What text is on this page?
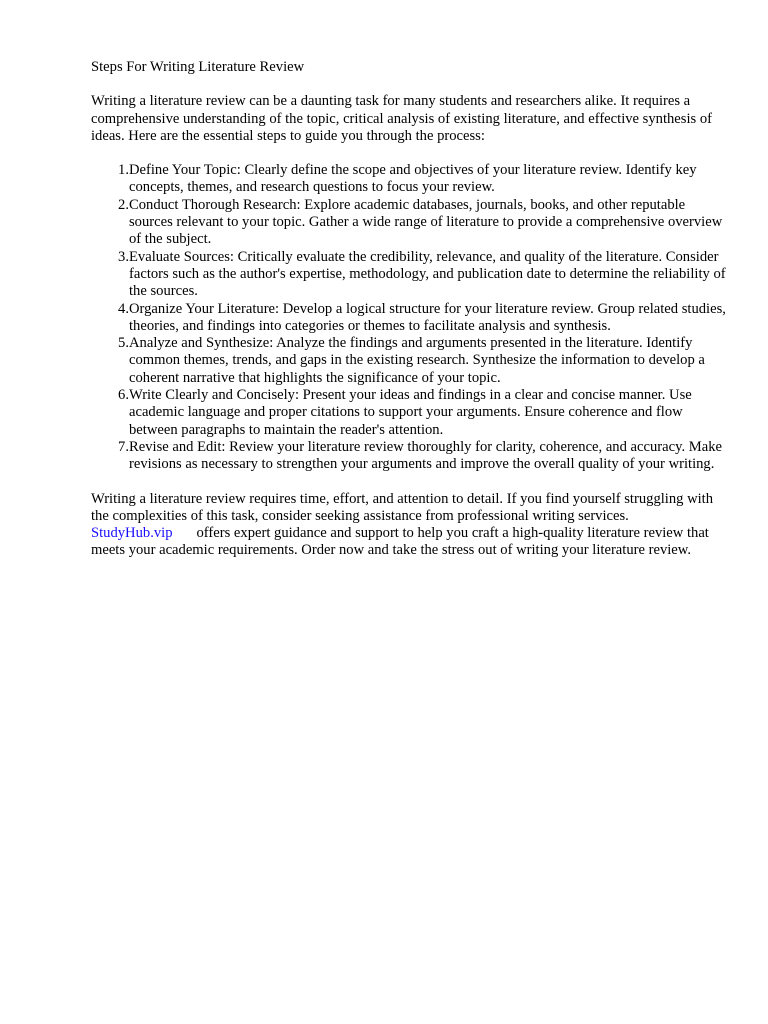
Steps For Writing Literature Review

Writing a literature review can be a daunting task for many students and researchers alike. It requires a comprehensive understanding of the topic, critical analysis of existing literature, and effective synthesis of ideas. Here are the essential steps to guide you through the process:

1. Define Your Topic: Clearly define the scope and objectives of your literature review. Identify key concepts, themes, and research questions to focus your review.
2. Conduct Thorough Research: Explore academic databases, journals, books, and other reputable sources relevant to your topic. Gather a wide range of literature to provide a comprehensive overview of the subject.
3. Evaluate Sources: Critically evaluate the credibility, relevance, and quality of the literature. Consider factors such as the author's expertise, methodology, and publication date to determine the reliability of the sources.
4. Organize Your Literature: Develop a logical structure for your literature review. Group related studies, theories, and findings into categories or themes to facilitate analysis and synthesis.
5. Analyze and Synthesize: Analyze the findings and arguments presented in the literature. Identify common themes, trends, and gaps in the existing research. Synthesize the information to develop a coherent narrative that highlights the significance of your topic.
6. Write Clearly and Concisely: Present your ideas and findings in a clear and concise manner. Use academic language and proper citations to support your arguments. Ensure coherence and flow between paragraphs to maintain the reader's attention.
7. Revise and Edit: Review your literature review thoroughly for clarity, coherence, and accuracy. Make revisions as necessary to strengthen your arguments and improve the overall quality of your writing.

Writing a literature review requires time, effort, and attention to detail. If you find yourself struggling with the complexities of this task, consider seeking assistance from professional writing services.
StudyHub.vip offers expert guidance and support to help you craft a high-quality literature review that meets your academic requirements. Order now and take the stress out of writing your literature review.
